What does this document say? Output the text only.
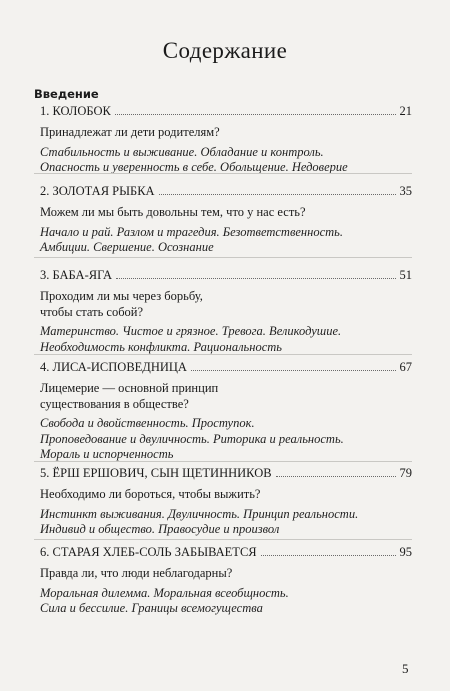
Содержание
Введение
1. КОЛОБОК	21
Принадлежат ли дети родителям?
Стабильность и выживание. Обладание и контроль.
Опасность и уверенность в себе. Обольщение. Недоверие
2. ЗОЛОТАЯ РЫБКА	35
Можем ли мы быть довольны тем, что у нас есть?
Начало и рай. Разлом и трагедия. Безответственность.
Амбиции. Свершение. Осознание
3. БАБА-ЯГА	51
Проходим ли мы через борьбу,
чтобы стать собой?
Материнство. Чистое и грязное. Тревога. Великодушие.
Необходимость конфликта. Рациональность
4. ЛИСА-ИСПОВЕДНИЦА	67
Лицемерие — основной принцип
существования в обществе?
Свобода и двойственность. Проступок.
Проповедование и двуличность. Риторика и реальность.
Мораль и испорченность
5. ЁРШ ЕРШОВИЧ, СЫН ЩЕТИННИКОВ	79
Необходимо ли бороться, чтобы выжить?
Инстинкт выживания. Двуличность. Принцип реальности.
Индивид и общество. Правосудие и произвол
6. СТАРАЯ ХЛЕБ-СОЛЬ ЗАБЫВАЕТСЯ	95
Правда ли, что люди неблагодарны?
Моральная дилемма. Моральная всеобщность.
Сила и бессилие. Границы всемогущества
5
